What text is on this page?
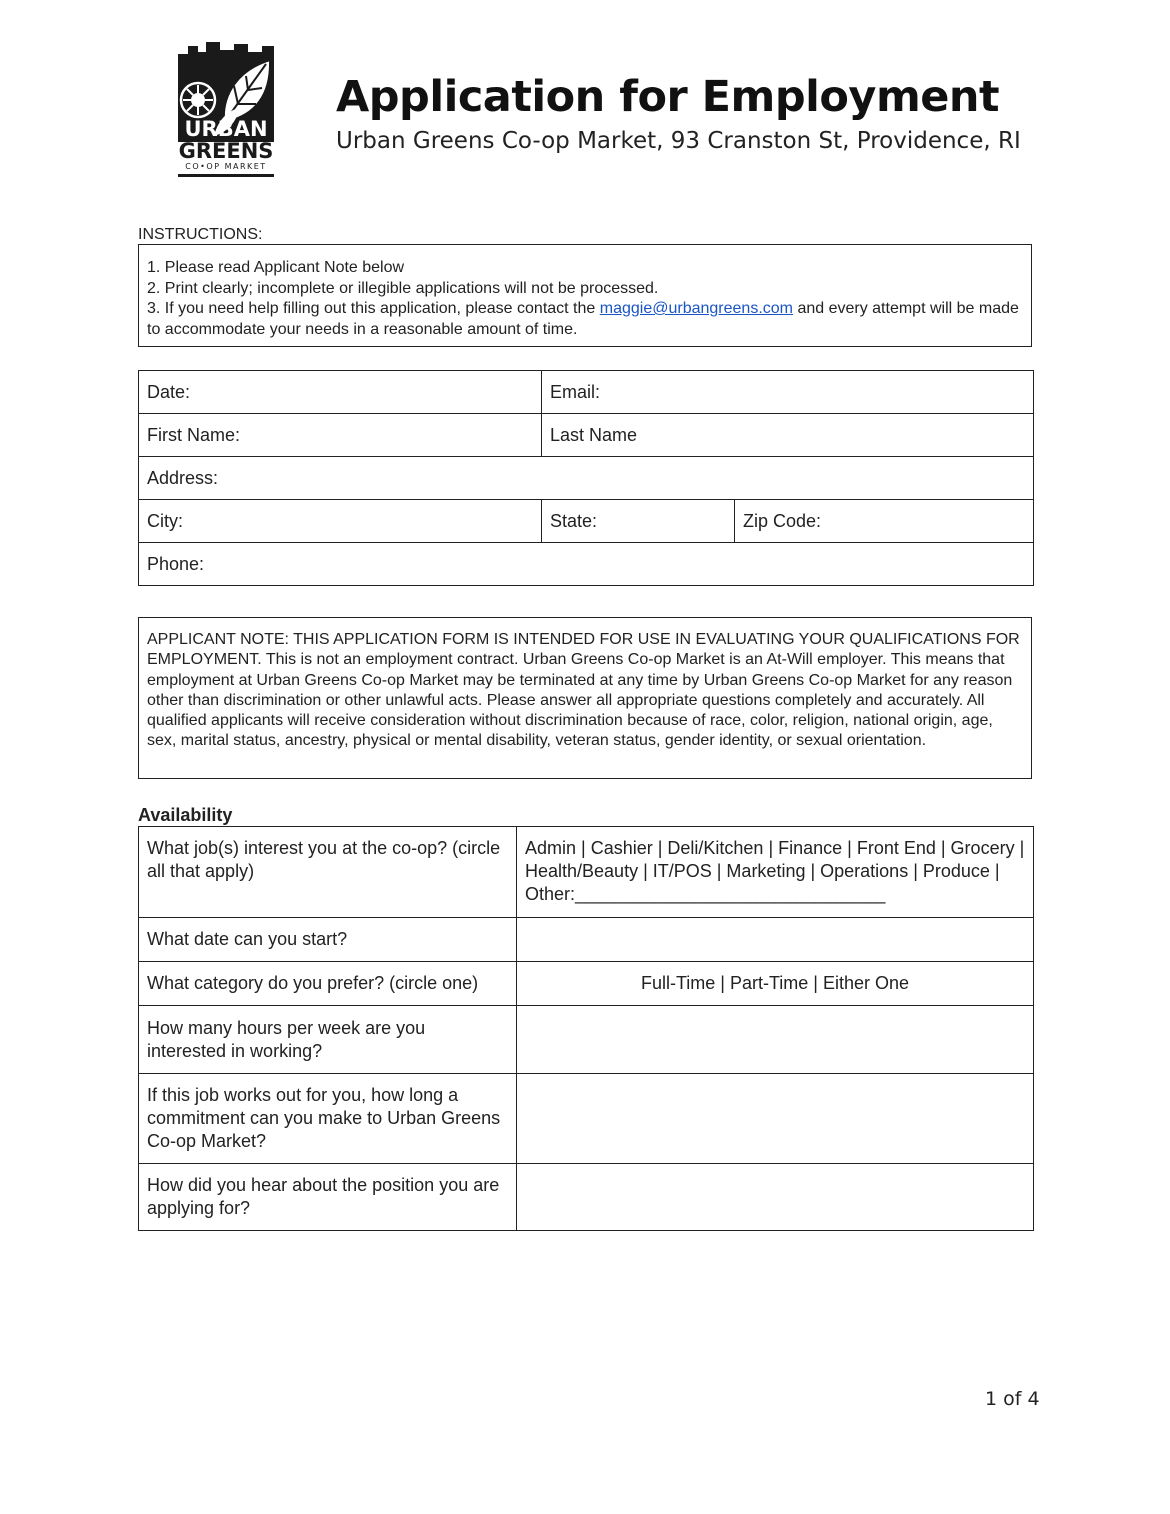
URBAN
GREENS
CO•OP MARKET
Application for Employment
Urban Greens Co-op Market, 93 Cranston St, Providence, RI
INSTRUCTIONS:
1. Please read Applicant Note below
2. Print clearly; incomplete or illegible applications will not be processed.
3. If you need help filling out this application, please contact the maggie@urbangreens.com and every attempt will be made to accommodate your needs in a reasonable amount of time.
Date:	Email:	
First Name:	Last Name	
Address:		
City:	State:	Zip Code:
Phone:		
APPLICANT NOTE: THIS APPLICATION FORM IS INTENDED FOR USE IN EVALUATING YOUR QUALIFICATIONS FOR EMPLOYMENT. This is not an employment contract. Urban Greens Co-op Market is an At-Will employer. This means that employment at Urban Greens Co-op Market may be terminated at any time by Urban Greens Co-op Market for any reason other than discrimination or other unlawful acts. Please answer all appropriate questions completely and accurately. All qualified applicants will receive consideration without discrimination because of race, color, religion, national origin, age, sex, marital status, ancestry, physical or mental disability, veteran status, gender identity, or sexual orientation.
Availability
What job(s) interest you at the co-op? (circle all that apply)	Admin | Cashier | Deli/Kitchen | Finance | Front End | Grocery | Health/Beauty | IT/POS | Marketing | Operations | Produce | Other:_______________________________
What date can you start?	
What category do you prefer? (circle one)	Full-Time | Part-Time | Either One
How many hours per week are you interested in working?	
If this job works out for you, how long a commitment can you make to Urban Greens Co-op Market?	
How did you hear about the position you are applying for?	
1 of 4
